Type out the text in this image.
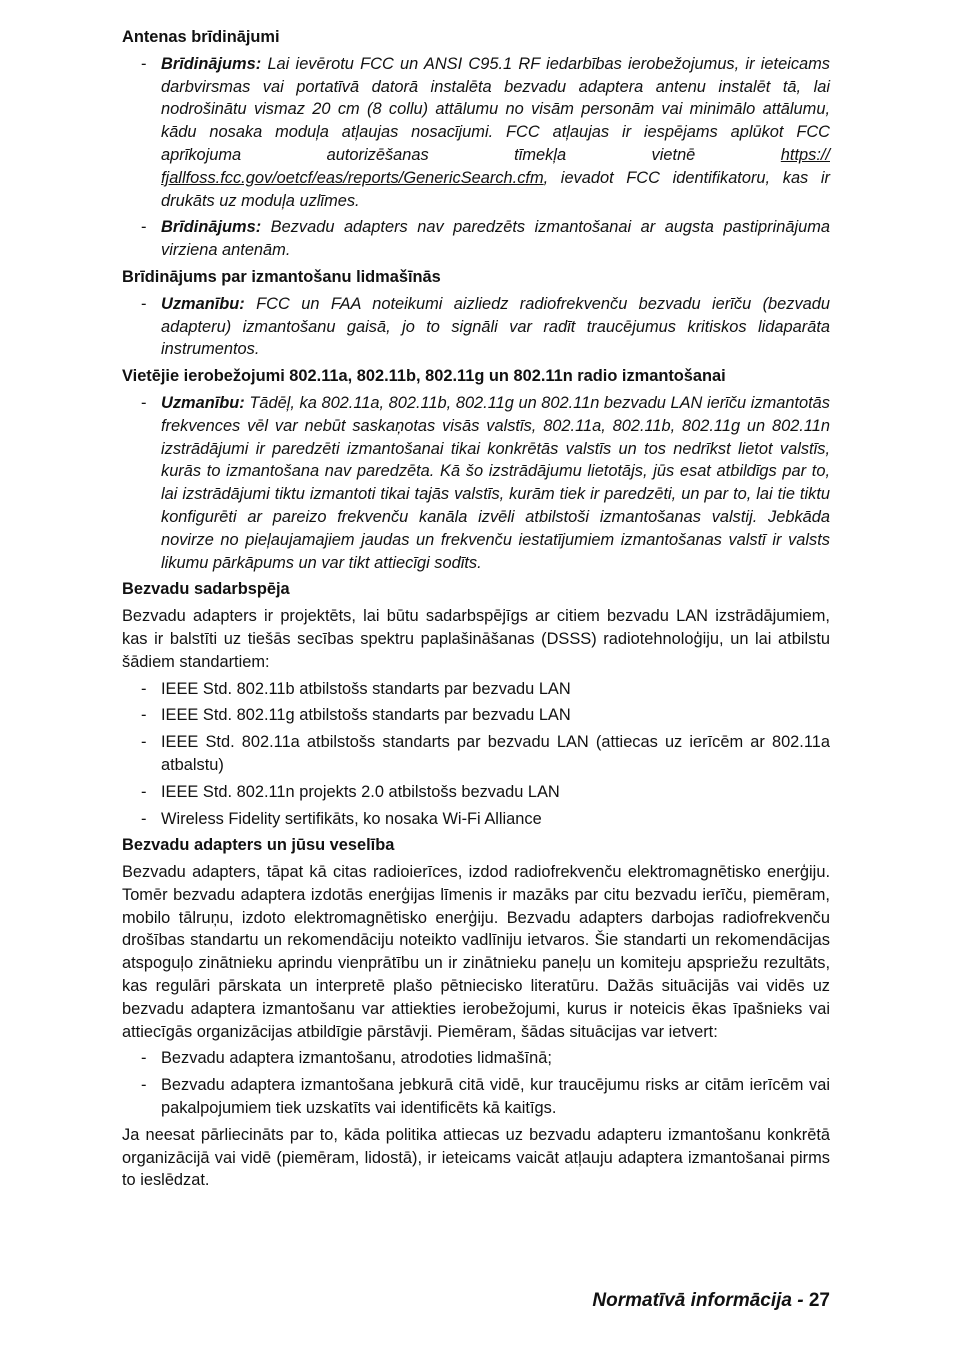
Antenas brīdinājumi
- Brīdinājums: Lai ievērotu FCC un ANSI C95.1 RF iedarbības ierobežojumus, ir ieteicams darbvirsmas vai portatīvā datorā instalēta bezvadu adaptera antenu instalēt tā, lai nodrošinātu vismaz 20 cm (8 collu) attālumu no visām personām vai minimālo attālumu, kādu nosaka moduļa atļaujas nosacījumi. FCC atļaujas ir iespējams aplūkot FCC aprīkojuma autorizēšanas tīmekļa vietnē	https:// fjallfoss.fcc.gov/oetcf/eas/reports/GenericSearch.cfm, ievadot FCC identifikatoru, kas ir drukāts uz moduļa uzlīmes.
- Brīdinājums: Bezvadu adapters nav paredzēts izmantošanai ar augsta pastiprinājuma virziena antenām.
Brīdinājums par izmantošanu lidmašīnās
- Uzmanību: FCC un FAA noteikumi aizliedz radiofrekvenču bezvadu ierīču (bezvadu adapteru) izmantošanu gaisā, jo to signāli var radīt traucējumus kritiskos lidaparāta instrumentos.
Vietējie ierobežojumi 802.11a, 802.11b, 802.11g un 802.11n radio izmantošanai
- Uzmanību: Tādēļ, ka 802.11a, 802.11b, 802.11g un 802.11n bezvadu LAN ierīču izmantotās frekvences vēl var nebūt saskaņotas visās valstīs, 802.11a, 802.11b, 802.11g un 802.11n izstrādājumi ir paredzēti izmantošanai tikai konkrētās valstīs un tos nedrīkst lietot valstīs, kurās to izmantošana nav paredzēta. Kā šo izstrādājumu lietotājs, jūs esat atbildīgs par to, lai izstrādājumi tiktu izmantoti tikai tajās valstīs, kurām tiek ir paredzēti, un par to, lai tie tiktu konfigurēti ar pareizo frekvenču kanāla izvēli atbilstoši izmantošanas valstij. Jebkāda novirze no pieļaujamajiem jaudas un frekvenču iestatījumiem izmantošanas valstī ir valsts likumu pārkāpums un var tikt attiecīgi sodīts.
Bezvadu sadarbspēja
Bezvadu adapters ir projektēts, lai būtu sadarbspējīgs ar citiem bezvadu LAN izstrādājumiem, kas ir balstīti uz tiešās secības spektru paplašināšanas (DSSS) radiotehnoloģiju, un lai atbilstu šādiem standartiem:
- IEEE Std. 802.11b atbilstošs standarts par bezvadu LAN
- IEEE Std. 802.11g atbilstošs standarts par bezvadu LAN
- IEEE Std. 802.11a atbilstošs standarts par bezvadu LAN (attiecas uz ierīcēm ar 802.11a atbalstu)
- IEEE Std. 802.11n projekts 2.0 atbilstošs bezvadu LAN
- Wireless Fidelity sertifikāts, ko nosaka Wi-Fi Alliance
Bezvadu adapters un jūsu veselība
Bezvadu adapters, tāpat kā citas radioierīces, izdod radiofrekvenču elektromagnētisko enerģiju. Tomēr bezvadu adaptera izdotās enerģijas līmenis ir mazāks par citu bezvadu ierīču, piemēram, mobilo tālruņu, izdoto elektromagnētisko enerģiju. Bezvadu adapters darbojas radiofrekvenču drošības standartu un rekomendāciju noteikto vadlīniju ietvaros. Šie standarti un rekomendācijas atspoguļo zinātnieku aprindu vienprātību un ir zinātnieku paneļu un komiteju apspriežu rezultāts, kas regulāri pārskata un interpretē plašo pētniecisko literatūru. Dažās situācijās vai vidēs uz bezvadu adaptera izmantošanu var attiekties ierobežojumi, kurus ir noteicis ēkas īpašnieks vai attiecīgās organizācijas atbildīgie pārstāvji. Piemēram, šādas situācijas var ietvert:
- Bezvadu adaptera izmantošanu, atrodoties lidmašīnā;
- Bezvadu adaptera izmantošana jebkurā citā vidē, kur traucējumu risks ar citām ierīcēm vai pakalpojumiem tiek uzskatīts vai identificēts kā kaitīgs.
Ja neesat pārliecināts par to, kāda politika attiecas uz bezvadu adapteru izmantošanu konkrētā organizācijā vai vidē (piemēram, lidostā), ir ieteicams vaicāt atļauju adaptera izmantošanai pirms to ieslēdzat.
Normatīvā informācija - 27
